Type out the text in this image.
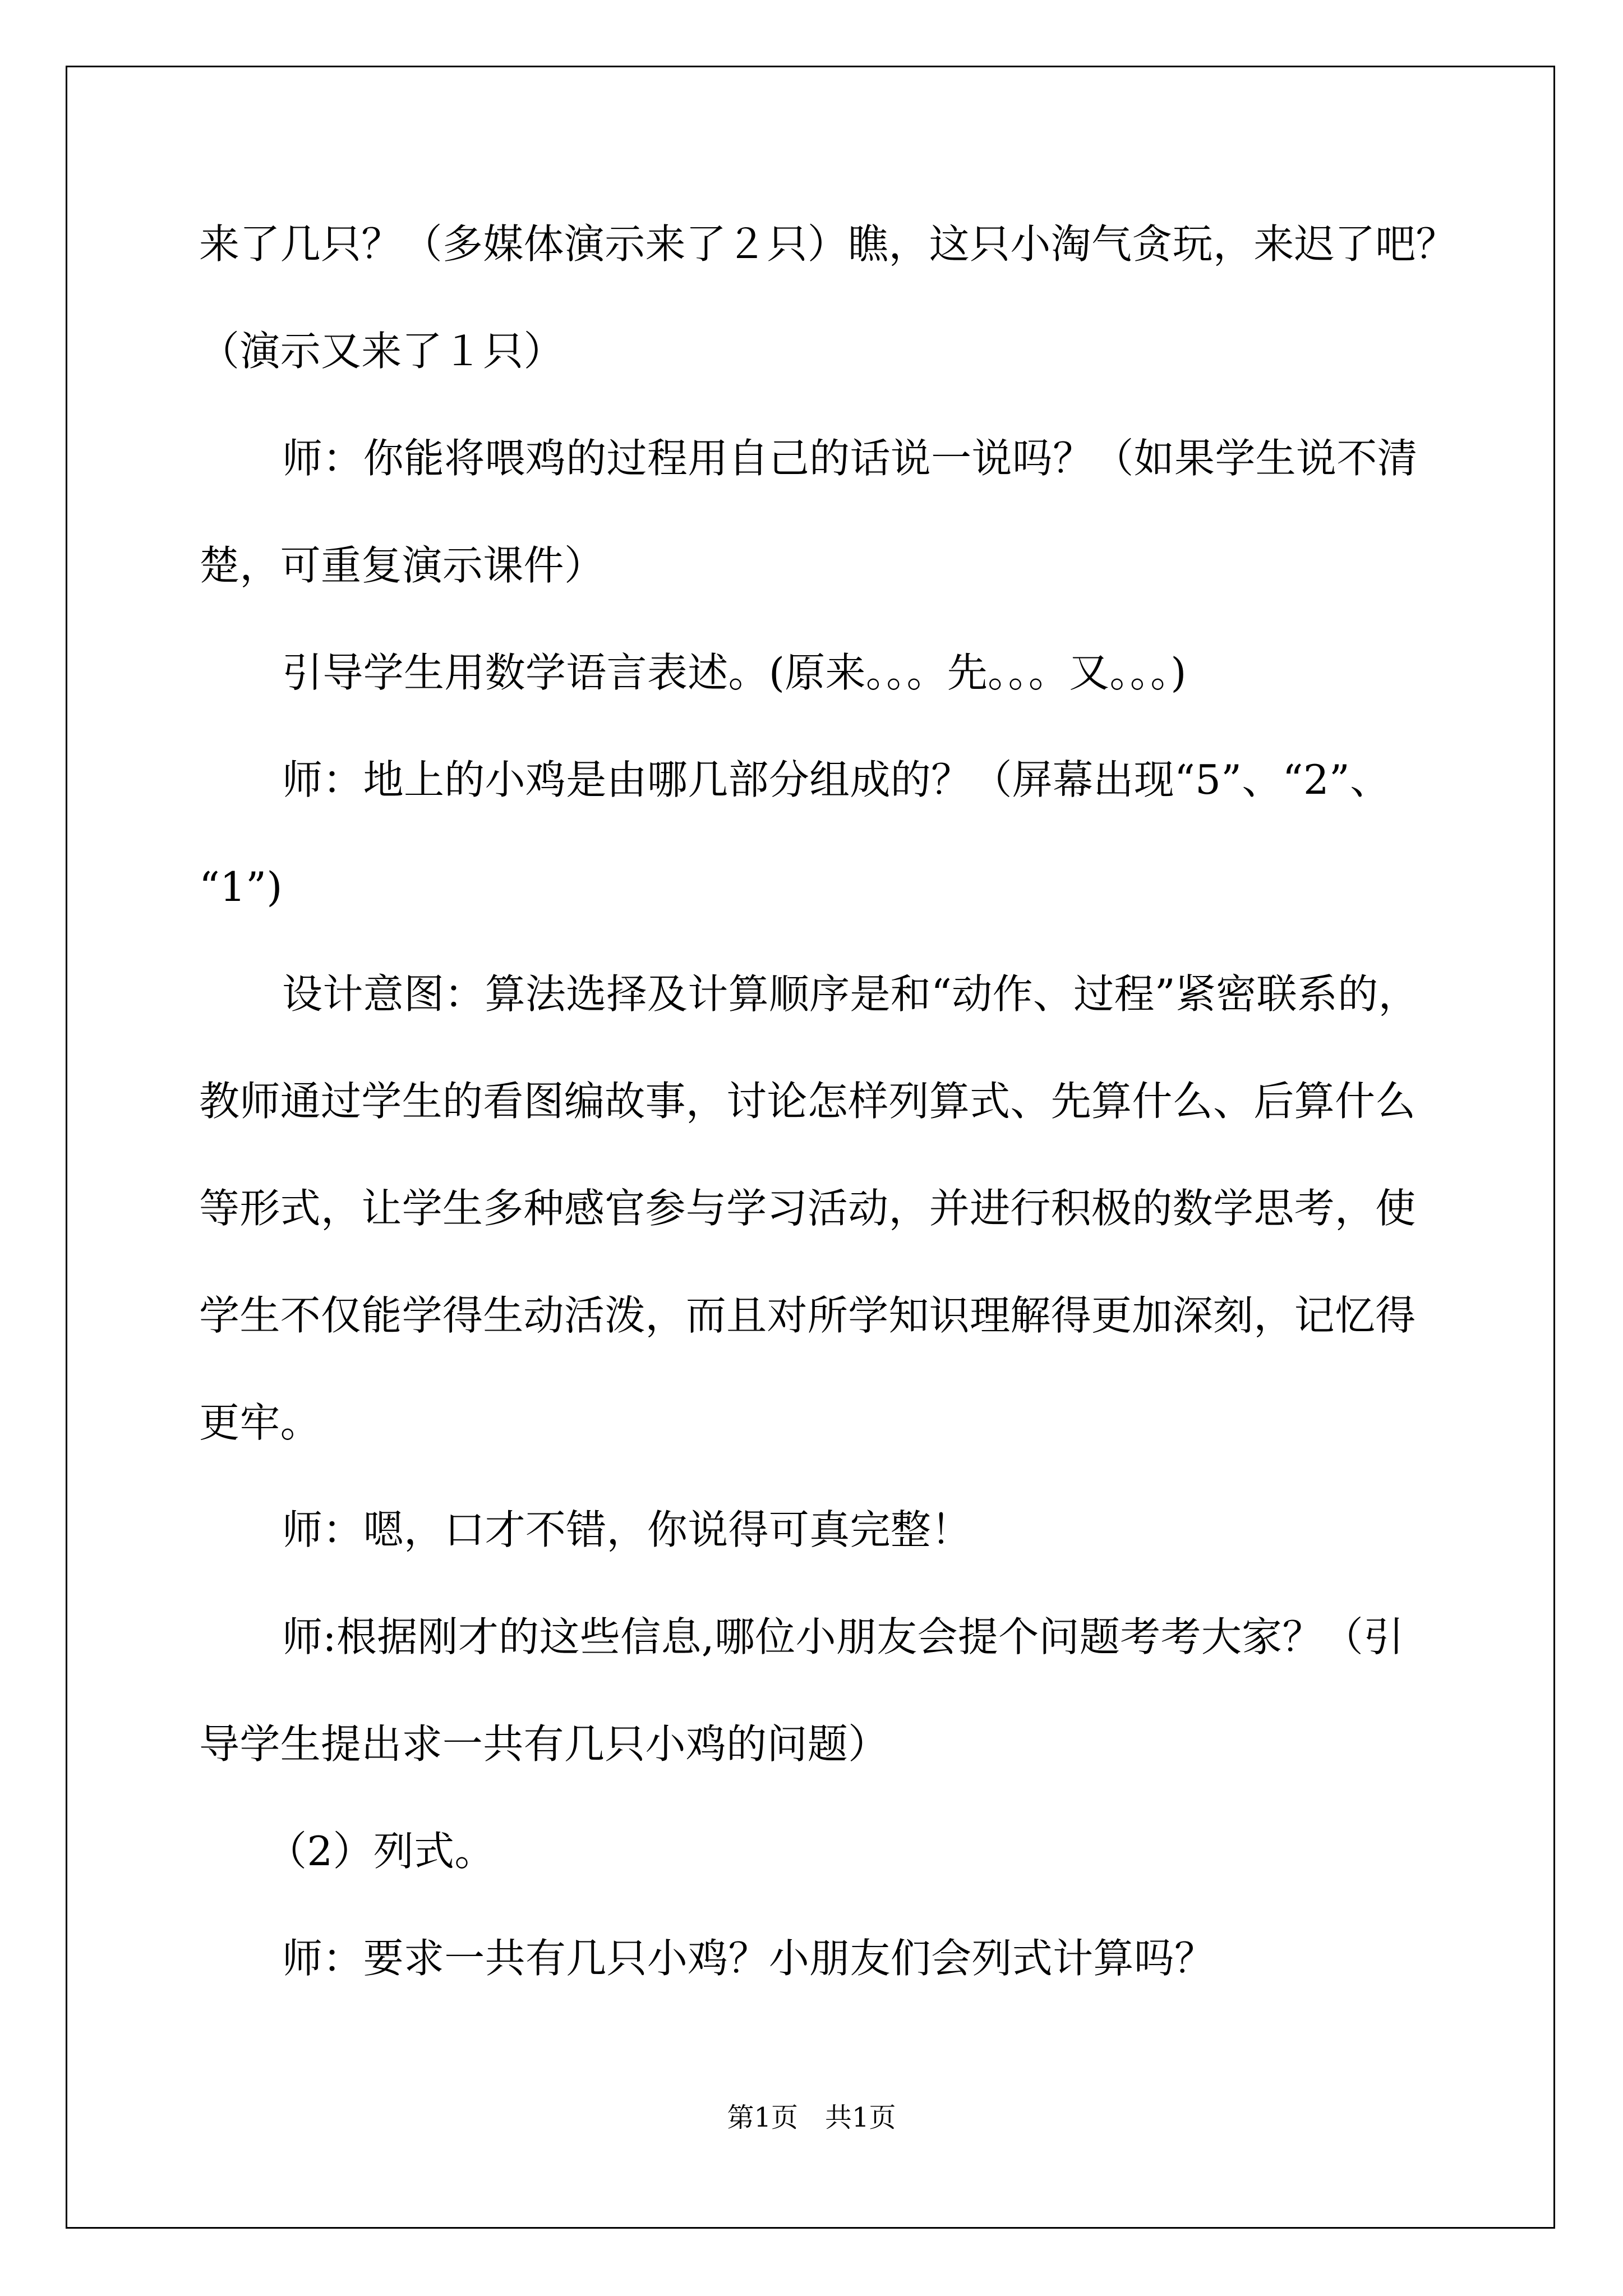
来了几只？（多媒体演示来了２只）瞧，这只小淘气贪玩，来迟了吧？
（演示又来了１只）
师：你能将喂鸡的过程用自己的话说一说吗？（如果学生说不清
楚，可重复演示课件）
引导学生用数学语言表述。(原来。。。先。。。又。。。)
师：地上的小鸡是由哪几部分组成的？（屏幕出现“5”、“2”、
“1”)
设计意图：算法选择及计算顺序是和“动作、过程”紧密联系的，
教师通过学生的看图编故事，讨论怎样列算式、先算什么、后算什么
等形式，让学生多种感官参与学习活动，并进行积极的数学思考，使
学生不仅能学得生动活泼，而且对所学知识理解得更加深刻，记忆得
更牢。
师：嗯，口才不错，你说得可真完整！
师:根据刚才的这些信息,哪位小朋友会提个问题考考大家？（引
导学生提出求一共有几只小鸡的问题）
（2）列式。
师：要求一共有几只小鸡？小朋友们会列式计算吗？
第1页　共1页
